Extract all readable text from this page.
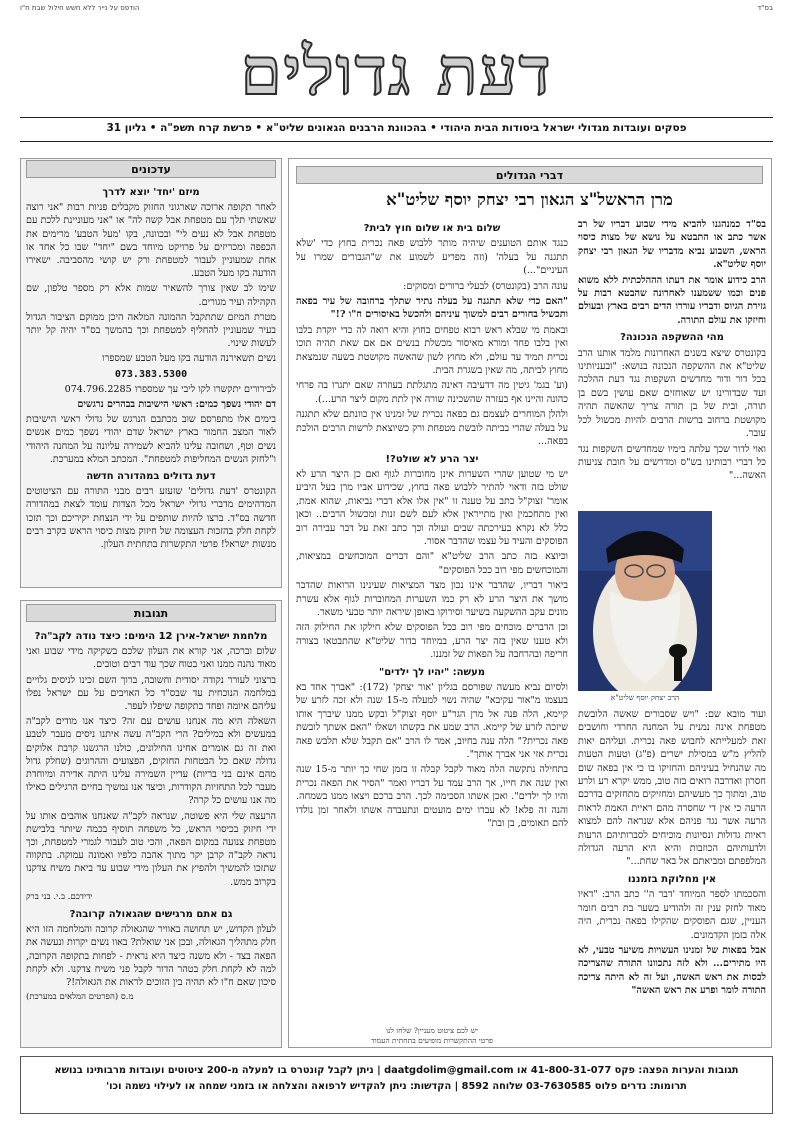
בס"ד
הודפס על נייר ללא חשש חילול שבת ח"ו
דעת גדולים
פסקים ועובדות מגדולי ישראל ביסודות הבית היהודי • בהכוונת הרבנים הגאונים שליט"א • פרשת קרח תשפ"ה • גליון 31
דברי הגדולים
מרן הראשל"צ הגאון רבי יצחק יוסף שליט"א

בס"ד כמנהגנו להביא מידי שבוע דבריו של רב אשר כתב או התבטא על נושא של מצות כיסוי הראש, השבוע נביא מדבריו של הגאון רבי יצחק יוסף שליט"א.

הרב כידוע אומר את דעתו הההלכתית ללא משוא פנים וכמו ששמענו לאחרונה שהבטא רבות על גזירת הגיוס ודבריו עוררו הדים רבים בארץ ובעולם וחיזקו את עולם התורה.

מהי ההשקפה הנכונה?

בקונטרס שיצא בשנים האחרונות מלמד אותנו הרב שליט"א את ההשקפה הנכונה בנושא: "ובעניותינו בכל דור ודור מחדשים השקפות נגד דעת ההלכה ועד שבדורינו יש שאוחזים שאם עושין בשם בן תורה, ובית של בן תורה צריך שהאשה תהיה מקושטת ברחוב ברשות הרבים להיות מכשול לכל עובר.

ואוי לדור שכך עלתה בימיו שמחדשים השקפות נגד כל דברי רבותינו בש"ס ומדרשים על חובת צניעות האשה..."

הרב יצחק יוסף שליט"א

ועוד מובא שם: "ויש שסבורים שאשה הלובשת מטפחת אינה נמנית על המחנה החרדי וחושבים זאת למעלייתא לחבוש פאה נכרית. ועליהם יאות להליץ מ"ש במסילת ישרים (פ"ג) וטעות הטעות מה שהנחיל בעיניהם והחזיקו בו כי אין בפאה שום חסרון ואדרבה רואים בזה טוב, ממש יקרא רע ולרע טוב, ומתוך כך מעשיהם ומחזיקים מתחזקים בדרכם הרעה כי אין די שחסרה מהם ראיית האמת לראות הרעה אשר נגד פניהם אלא שנראה להם למצוא ראיות גדולות ונסיונות מוכיחים לסברותיהם הרעות ולדעותיהם הכוזבות והיא היא הרעה הגדולה המלפפתם ומביאתם אל באר שחת..."

אין מחלוקת בזמננו

והסכמתו לספר המיוחד 'דבר ה'' כתב הרב: "דאיו מאוד לחזק ענין זה ולהודיע בשער בת רבים חומר העניין, שגם הפוסקים שהקילו בפאה נכרית, היה אלה בזמן הקדמונים.

אבל בפאות של זמנינו העשויות משיער טבעי, לא היו מתירים... ולא לזה נתכוונו התורה שהצריכה לכסות את ראש האשה, ועל זה לא היתה צריכה התורה לומר ופרע את ראש האשה"

שלום בית או שלום חוץ לבית?

כנגד אותם הטוענים שיהיה מותר ללבוש פאה נכרית בחוץ כדי 'שלא תתגנה על בעלה' (וזה מפריע לשמוע את ש"הגבורים שמרו על העיניים"...)

עונה הרב (בקונטרס) לבעלי ברורים ומסוקים:

"האם כדי שלא תתגנה על בעלה נתיר שתלך ברחובה של עיר בפאה ותכשיל בחורים רבים למשוך עיניהם ולהכשל באיסורים ח"ו ?!"

ובאמת מי שבלא ראש רבוא טפחים בחוץ והיא רואה לה כדי יוקדת בלבו ואין בלבו פחד ומורא מאיסור מכשלת בנשים אם אם שאת תהיה תוכו נכרית תמיד עד עולם, ולא מחוץ לשון שהאשה מקושטת בשעה שנמצאת מחוץ לביתה, מה שאין בשגרת הבית.

(וע' בגמ' גיטין מה דדעיבה דאינה מתגלתת בעוזרה שאם יתגרו בה פרחי כהונה והיינו אף בעזרה שהשכינה שורה אין לתת מקום ליצר הרע...).

ולהלן המוחרים לעצמם גם בפאה נכרית של זמנינו אין כוונתם שלא תתגנה על בעלה שהרי בביתה לובשת מטפחת ורק כשיוצאת לרשות הרבים הולכת בפאה...

יצר הרע לא שולט?!

יש מי שטוען שהרי השערות אינן מחוברות לגוף ואם כן היצר הרע לא שולט בזה ודאוי להתיר ללבוש פאה בחוץ, שכידוע אביו מרן בעל היביע אומר' זצוק"ל כתב על טענה זו "אין אלו אלא דברי נביאות, שהוא אמת, ואין מתחכמין ואין מתייראין אלא לעם לשם זנות ומכשול הרבים.. וכאן כלל לא נקרא בעירכתה שבים ועולה וכך כתב זאת על דבר עבירה רוב הפוסקים והעיד על עצמו שהדבר אסור.

וכיוצא בזה כתב הרב שליט"א "והם דברים המוכחשים במציאות, והמוכחשים מפי רוב ככל הפוסקים"

ביאור דבריו, שהדבר אינו נכון מצד המציאות שעינינו הרואות שהדבר מושך את היצר הרע לא רק כמו השערות המחוברות לגוף אלא עשרת מונים עקב ההשקעה בשיער וסירוקו באופן שיראה יותר טבעי משאר.

וכן הדברים מוכחים מפי רוב ככל הפוסקים שלא חילקו את החילוק הזה ולא טענו שאין בזה יצר הרע, במיוחד בדור שליט"א שהתבטאו בצורה חריפה ובהרחבה על הפאות של זמננו.

מעשה: "יהיו לך ילדים"

ולסיום נביא מעשה שפורסם בגליון 'אור יצחק' (172): "אברך אחד בא בעצמו מ"אור עקיבא" שהיה נשוי למעלה מ-15 שנה ולא זכה לזרע של קיימא, הלה פנה אל מרן הגר"ע יוסף זצוק"ל ובקש ממנו שיברך אותו שיזכה לזרע של קיימא. הרב שמע את בקשתו ושאלו "האם אשתך לובשת פאה נכרית?" הלה ענה בחיוב, אמר לו הרב "אם תקבל שלא תלבש פאה נכרית אזי אני אברך אותך".

בתחילה נתקשה הלה מאוד לקבל קבלה זו בזמן שחי כך יותר מ-15 שנה ואין שנה את חייו, אך הרב עמד על דבריו ואמר "הסיר את הפאה נכרית והיו לך ילדים". ואכן אשתו הסכימה לכך. הרב ברכם ויצאו ממנו בשמחה. והנה זה פלא! לא עברו ימים מועטים ונתעברה אשתו ולאחר זמן נולדו להם תאומים, בן ובת"

יש לכם ציטוט מעניין? שלחו לנו
פרטי ההתקשרות מופיעים בתחתית העמוד
עדכונים

מיזם 'יחד' יוצא לדרך

לאחר תקופה ארוכה שארגוני החזוק מקבלים פניות רבות "אני רוצה שאשתי תלך עם מטפחת אבל קשה לה" או "אני מעוניינת ללכת עם מטפחת אבל לא נעים לי" ובכוונה, בקו 'מעל הטבע' מרימים את הכפפה ומכריזים על פרויקט מיוחד בשם "יחד" שבו כל אחד או אחת שמעוניין לעבור למטפחת ורק יש קושי מהסביבה. ישאירו הודעה בקו מעל הטבע.

שימו לב שאין צורך להשאיר שמות אלא רק מספר טלפון, שם הקהילה ועיר מגורים.

מטרת המיזם שתתקבל ההמונה המלאה היכן ממוקם הציבור הגדול בעיר שמעוניין להחליף למטפחת וכך בהמשך בס"ד יהיה קל יותר לעשות שינוי.

נשים תשאירנה הודעה בקו מעל הטבע שמספרו

073.383.5300

לבירורים יתקשרו לקו ליבי עך שמספרו 074.796.2285

דם יהודי נשפך כמים: ראשי הישיבות בבהרים נרגשים

בימים אלו מתפרסם שוב מכתבם הנרגש של גדולי ראשי הישיבות לאור המצב החמור בארץ ישראל שדם יהודי נשפך כמים אנשים נשים וטף, ושחובה עלינו להביא לשמירה עליונה על המחנה היהודי ו"לחזק הנשים המחליפות למטפחת". המכתב המלא במערכת.

דעת גדולים במהדורה חדשה

הקונטרס 'דעת גדולים' שזעזע רבים מבני התורה עם הציטוטים המדהימים מדברי גדולי ישראל מכל הצדות עומד לצאת במהדורה חדשה בס"ד. ברצו להיות שותפים על ידי הנצחת יקיריכם וכך תזכו לקחת חלק בהזכות העצומה של חיזוק מצות כיסוי הראש בקרב רבים מנשות ישראל! פרטי התקשרות בתחתית העלון.

תגובות

מלחמת ישראל-אירן 12 הימים: כיצד נודה לקב"ה?

שלום וברכה, אני קורא את העלון שלכם בשקיקה מידי שבוע ואני מאוד נהנה ממנו ואני בטוח שכך עוד רבים וטובים.

ברצוני לעורר נקודה יסודית וחשובה, ברוך השם זכינו לניסים גלויים במלחמה הנוכחית עד שבס"ד כל האויבים על עם ישראל נפלו עליהם איומה ופחד בתקופה שיפלו לעפר.

השאלה היא מה אנחנו עושים עם זה? כיצד אנו מודים לקב"ה במעשים ולא במילים? הרי הקב"ה עשה איתנו ניסים מעבר לטבע ואת זה גם אומרים אחינו החילונים, כולנו הרגשנו קרבת אלוקים גדולה שאם כל הבטחות החזקים, הפצועים וההרוגים (שחלק גדול מהם אינם בני בריות) עדיין השמירה עלינו היתה אדירה ומיוחדת מעבר לכל התחזיות הקודרות, וכיצד אנו נמשיך בחיים הרגילים כאילו מה אנו עושים כל קרה?

הרעצה שלי היא פשוטה, שנראה לקב"ה שאנחנו אוהבים אותו על ידי חיזוק בכיסוי הראש, כל משפחה תוסיף בכמה שיותר בלבישת מטפחת צנועה במקום הפאה, והכי טוב לעבור לגמרי למטפחת, וכך נראה לקב"ה קרבן יקר מתוך אהבה כלפיו ואמונה עמוקה. בתקווה שתזכו להמשיך ולהפיץ את העלון מידי שבוע עד ביאת משיח צדקנו בקרוב ממש.

ידידכם. ב.י. בני ברק

גם אתם מרגישים שהגאולה קרובה?

לעלון הקדוש, יש תחושה באוויר שהגאולה קרובה והמלחמה הזו היא חלק מתהליך הגאולה, ובכן אני שואלת? באוו נשים יקרות ונעשה את הפאה בצד - ולא משנה כיצד היא נראית - לפחות בתקופה הקרובה, למה לא לקחת חלק בטהר הדור לקבל פני משיח צדקנו. ולא לקחת סיכון שאם ח"ו לא תהיה בין הזוכים לראות את הגאולה!?

מ.ס (הפרטים המלאים במערכת)

תגובות והערות הפצה: פקס 41-800-31-077 או daatgdolim@gmail.com | ניתן לקבל קונטרס בו למעלה מ-200 ציטוטים ועובדות מרבותינו בנושא
תרומות: נדרים פלוס 03-7630585 שלוחה 8592 | הקדשות: ניתן להקדיש לרפואה והצלחה או בזמני שמחה או לעילוי נשמה וכו'
